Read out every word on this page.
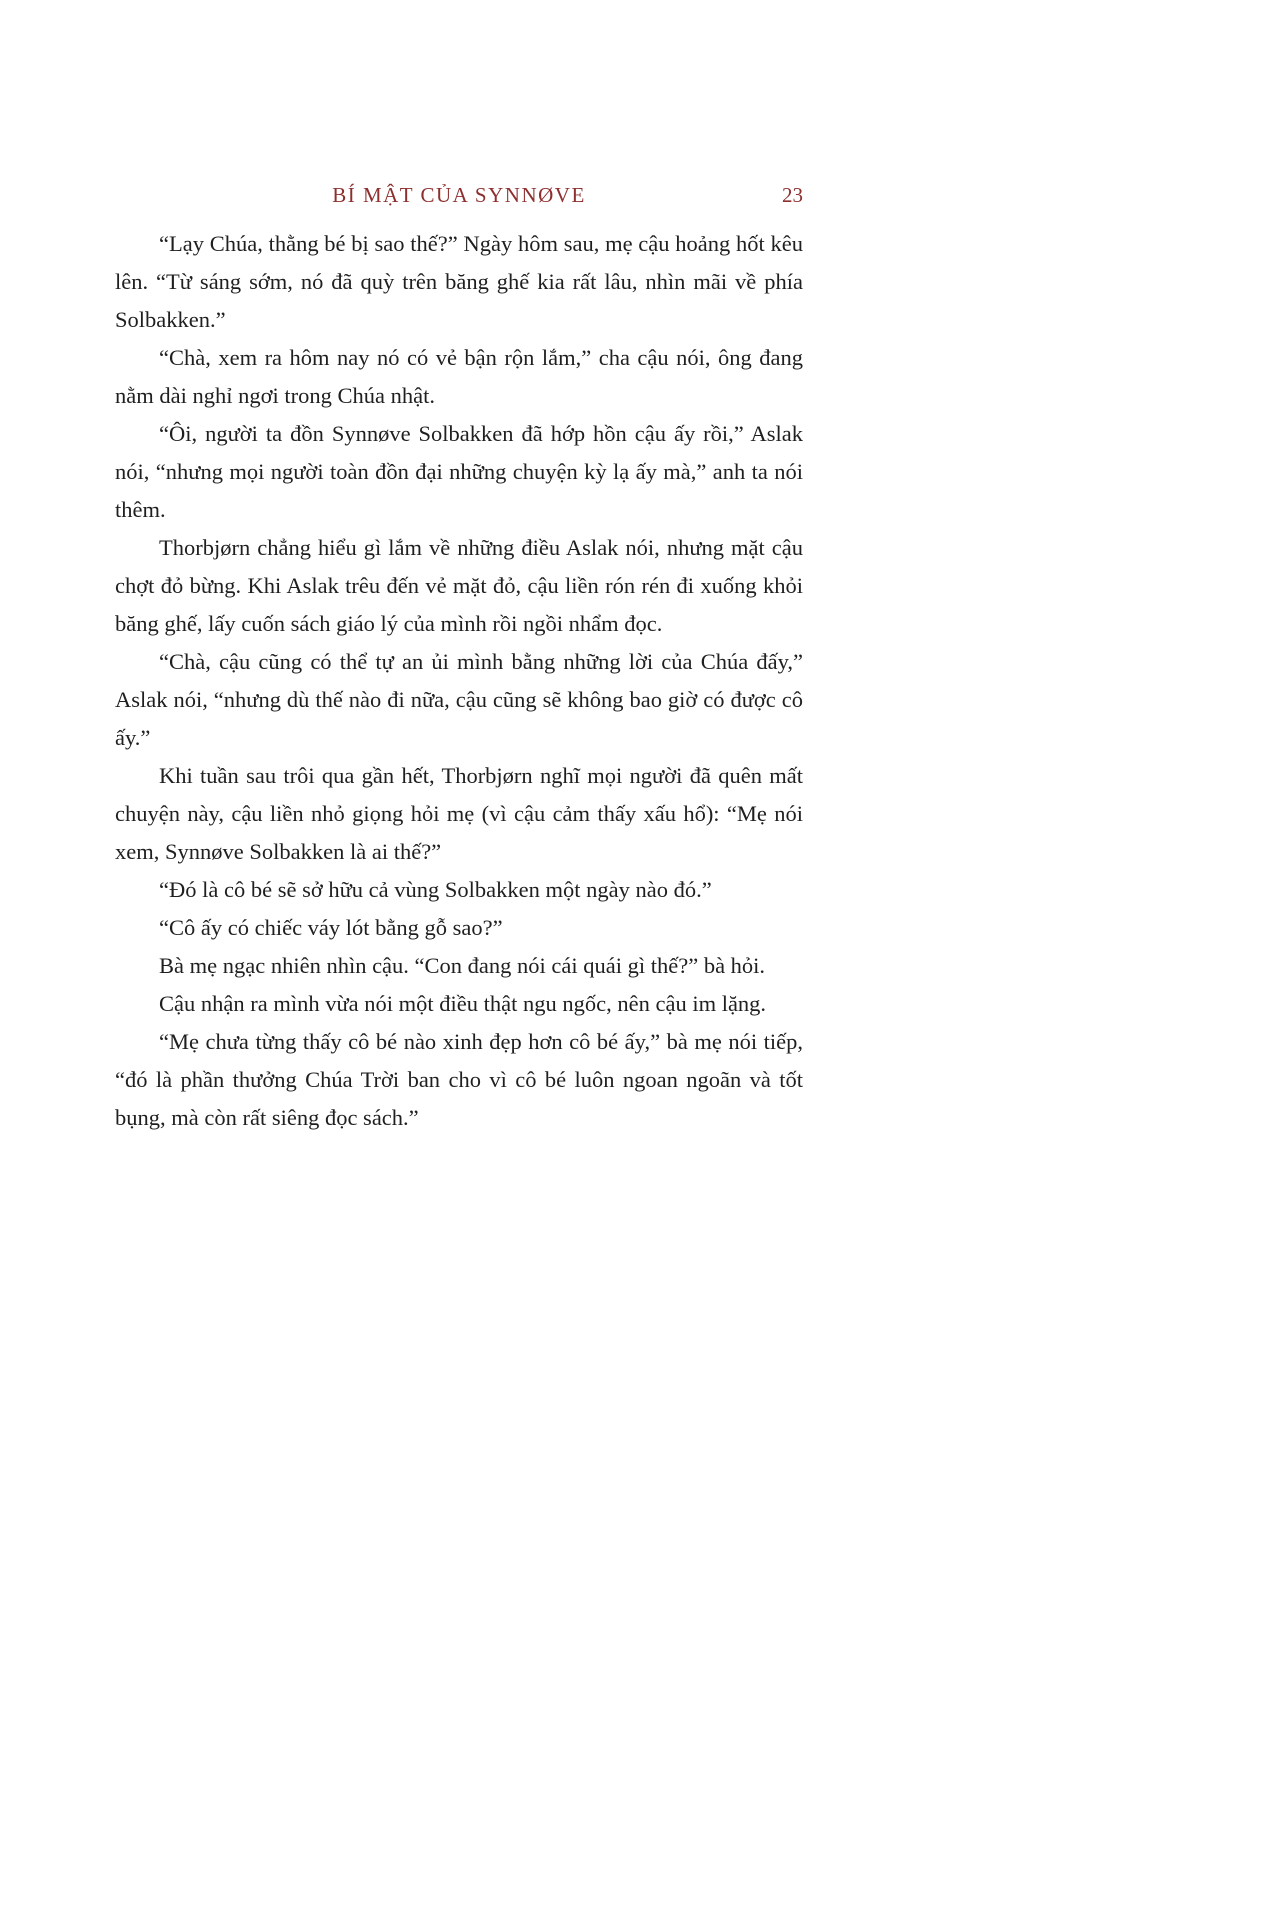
BÍ MẬT CỦA SYNNØVE	23

“Lạy Chúa, thằng bé bị sao thế?” Ngày hôm sau, mẹ cậu hoảng hốt kêu lên. “Từ sáng sớm, nó đã quỳ trên băng ghế kia rất lâu, nhìn mãi về phía Solbakken.”

“Chà, xem ra hôm nay nó có vẻ bận rộn lắm,” cha cậu nói, ông đang nằm dài nghỉ ngơi trong Chúa nhật.

“Ôi, người ta đồn Synnøve Solbakken đã hớp hồn cậu ấy rồi,” Aslak nói, “nhưng mọi người toàn đồn đại những chuyện kỳ lạ ấy mà,” anh ta nói thêm.

Thorbjørn chẳng hiểu gì lắm về những điều Aslak nói, nhưng mặt cậu chợt đỏ bừng. Khi Aslak trêu đến vẻ mặt đỏ, cậu liền rón rén đi xuống khỏi băng ghế, lấy cuốn sách giáo lý của mình rồi ngồi nhẩm đọc.

“Chà, cậu cũng có thể tự an ủi mình bằng những lời của Chúa đấy,” Aslak nói, “nhưng dù thế nào đi nữa, cậu cũng sẽ không bao giờ có được cô ấy.”

Khi tuần sau trôi qua gần hết, Thorbjørn nghĩ mọi người đã quên mất chuyện này, cậu liền nhỏ giọng hỏi mẹ (vì cậu cảm thấy xấu hổ): “Mẹ nói xem, Synnøve Solbakken là ai thế?”

“Đó là cô bé sẽ sở hữu cả vùng Solbakken một ngày nào đó.”

“Cô ấy có chiếc váy lót bằng gỗ sao?”

Bà mẹ ngạc nhiên nhìn cậu. “Con đang nói cái quái gì thế?” bà hỏi.

Cậu nhận ra mình vừa nói một điều thật ngu ngốc, nên cậu im lặng.

“Mẹ chưa từng thấy cô bé nào xinh đẹp hơn cô bé ấy,” bà mẹ nói tiếp, “đó là phần thưởng Chúa Trời ban cho vì cô bé luôn ngoan ngoãn và tốt bụng, mà còn rất siêng đọc sách.”
